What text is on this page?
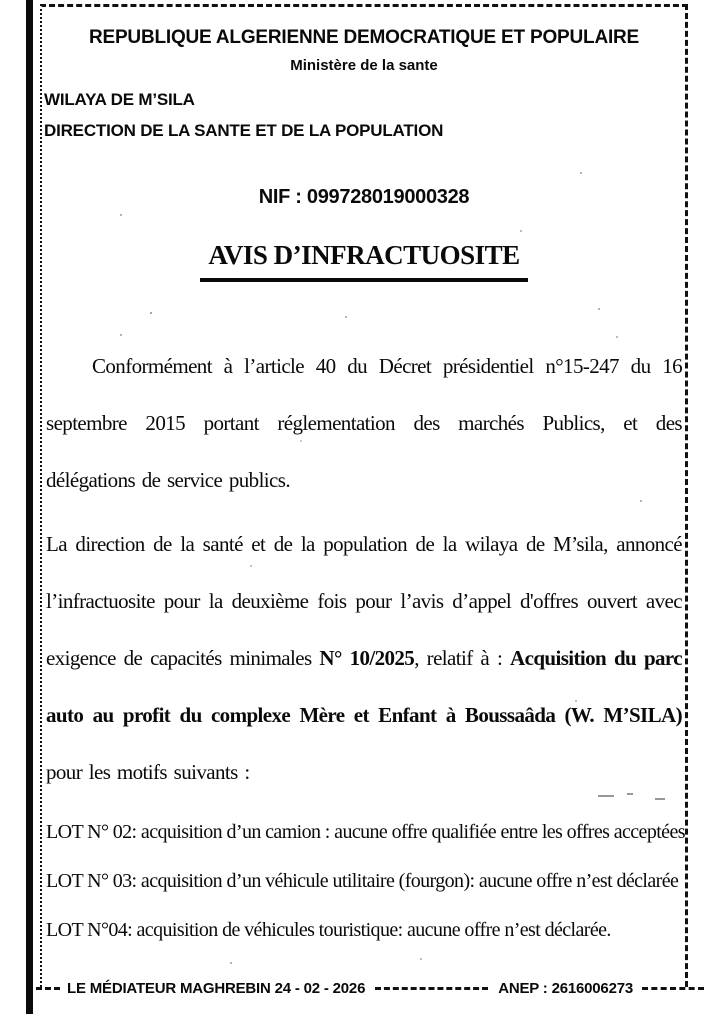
REPUBLIQUE ALGERIENNE DEMOCRATIQUE ET POPULAIRE
Ministère de la sante
WILAYA DE M’SILA
DIRECTION DE LA SANTE ET DE LA POPULATION
NIF : 099728019000328
AVIS D’INFRACTUOSITE
Conformément à l’article 40 du Décret présidentiel n°15-247 du 16
septembre 2015 portant réglementation des marchés Publics, et des
délégations de service publics.
La direction de la santé et de la population de la wilaya de M’sila, annoncé
l’infractuosite pour la deuxième fois pour l’avis d’appel d'offres ouvert avec
exigence de capacités minimales N° 10/2025, relatif à : Acquisition du parc
auto au profit du complexe Mère et Enfant à Boussaâda (W. M’SILA)
pour les motifs suivants :
LOT N° 02: acquisition d’un camion : aucune offre qualifiée entre les offres acceptées
LOT N° 03: acquisition d’un véhicule utilitaire (fourgon): aucune offre n’est déclarée
LOT N°04: acquisition de véhicules touristique: aucune offre n’est déclarée.
LE MÉDIATEUR MAGHREBIN 24 - 02 - 2026	ANEP : 2616006273
